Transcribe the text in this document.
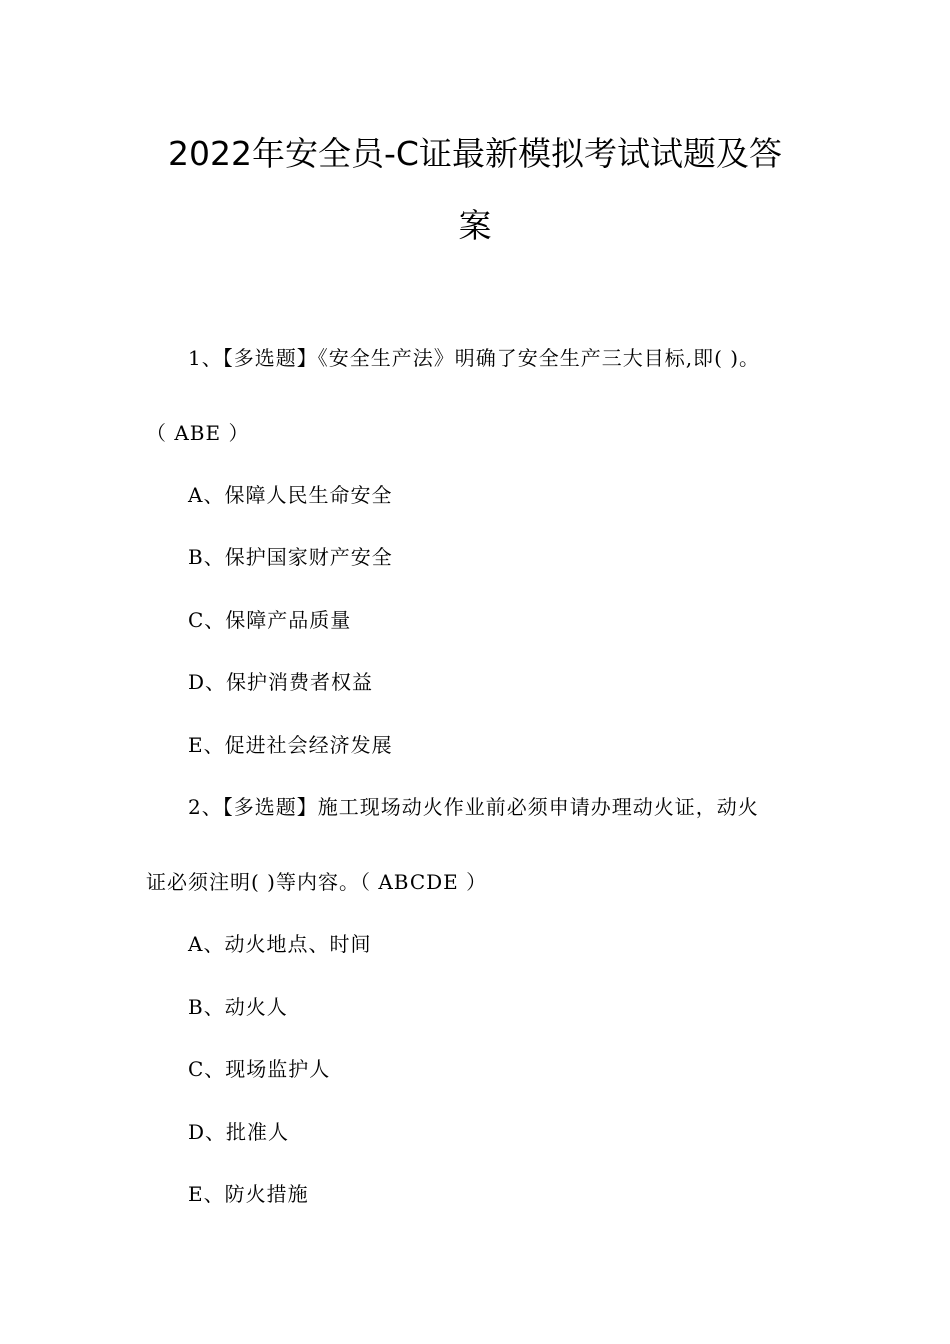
2022年安全员-C证最新模拟考试试题及答
案
1、【多选题】《安全生产法》明确了安全生产三大目标,即( )。
（ ABE ）
A、保障人民生命安全
B、保护国家财产安全
C、保障产品质量
D、保护消费者权益
E、促进社会经济发展
2、【多选题】施工现场动火作业前必须申请办理动火证，动火
证必须注明( )等内容。（ ABCDE ）
A、动火地点、时间
B、动火人
C、现场监护人
D、批准人
E、防火措施
